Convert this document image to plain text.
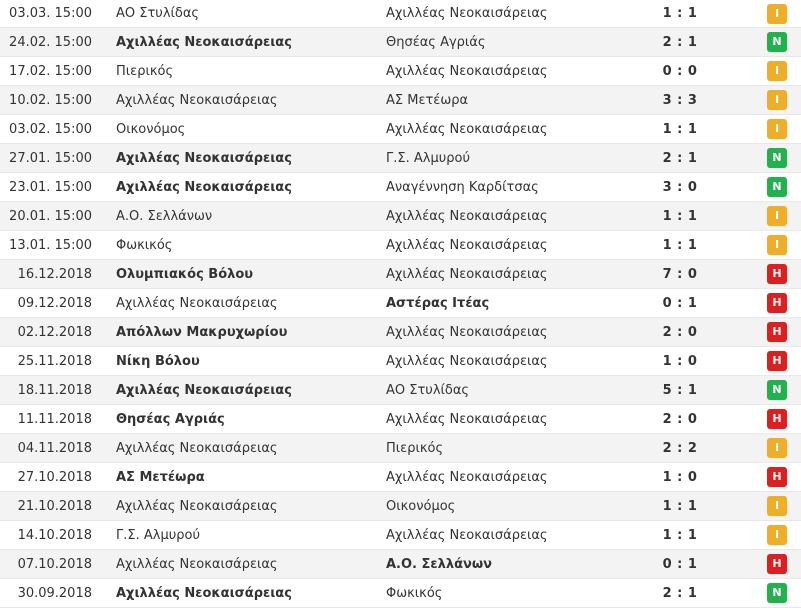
03.03. 15:00 ΑΟ Στυλίδας	Αχιλλέας Νεοκαισάρειας	1 : 1	I
24.02. 15:00 Αχιλλέας Νεοκαισάρειας	Θησέας Αγριάς	2 : 1	N
17.02. 15:00 Πιερικός	Αχιλλέας Νεοκαισάρειας	0 : 0	I
10.02. 15:00 Αχιλλέας Νεοκαισάρειας	ΑΣ Μετέωρα	3 : 3	I
03.02. 15:00 Οικονόμος	Αχιλλέας Νεοκαισάρειας	1 : 1	I
27.01. 15:00 Αχιλλέας Νεοκαισάρειας	Γ.Σ. Αλμυρού	2 : 1	N
23.01. 15:00 Αχιλλέας Νεοκαισάρειας	Αναγέννηση Καρδίτσας	3 : 0	N
20.01. 15:00 Α.Ο. Σελλάνων	Αχιλλέας Νεοκαισάρειας	1 : 1	I
13.01. 15:00 Φωκικός	Αχιλλέας Νεοκαισάρειας	1 : 1	I
16.12.2018 Ολυμπιακός Βόλου	Αχιλλέας Νεοκαισάρειας	7 : 0	H
09.12.2018 Αχιλλέας Νεοκαισάρειας	Αστέρας Ιτέας	0 : 1	H
02.12.2018 Απόλλων Μακρυχωρίου	Αχιλλέας Νεοκαισάρειας	2 : 0	H
25.11.2018 Νίκη Βόλου	Αχιλλέας Νεοκαισάρειας	1 : 0	H
18.11.2018 Αχιλλέας Νεοκαισάρειας	ΑΟ Στυλίδας	5 : 1	N
11.11.2018 Θησέας Αγριάς	Αχιλλέας Νεοκαισάρειας	2 : 0	H
04.11.2018 Αχιλλέας Νεοκαισάρειας	Πιερικός	2 : 2	I
27.10.2018 ΑΣ Μετέωρα	Αχιλλέας Νεοκαισάρειας	1 : 0	H
21.10.2018 Αχιλλέας Νεοκαισάρειας	Οικονόμος	1 : 1	I
14.10.2018 Γ.Σ. Αλμυρού	Αχιλλέας Νεοκαισάρειας	1 : 1	I
07.10.2018 Αχιλλέας Νεοκαισάρειας	Α.Ο. Σελλάνων	0 : 1	H
30.09.2018 Αχιλλέας Νεοκαισάρειας	Φωκικός	2 : 1	N
